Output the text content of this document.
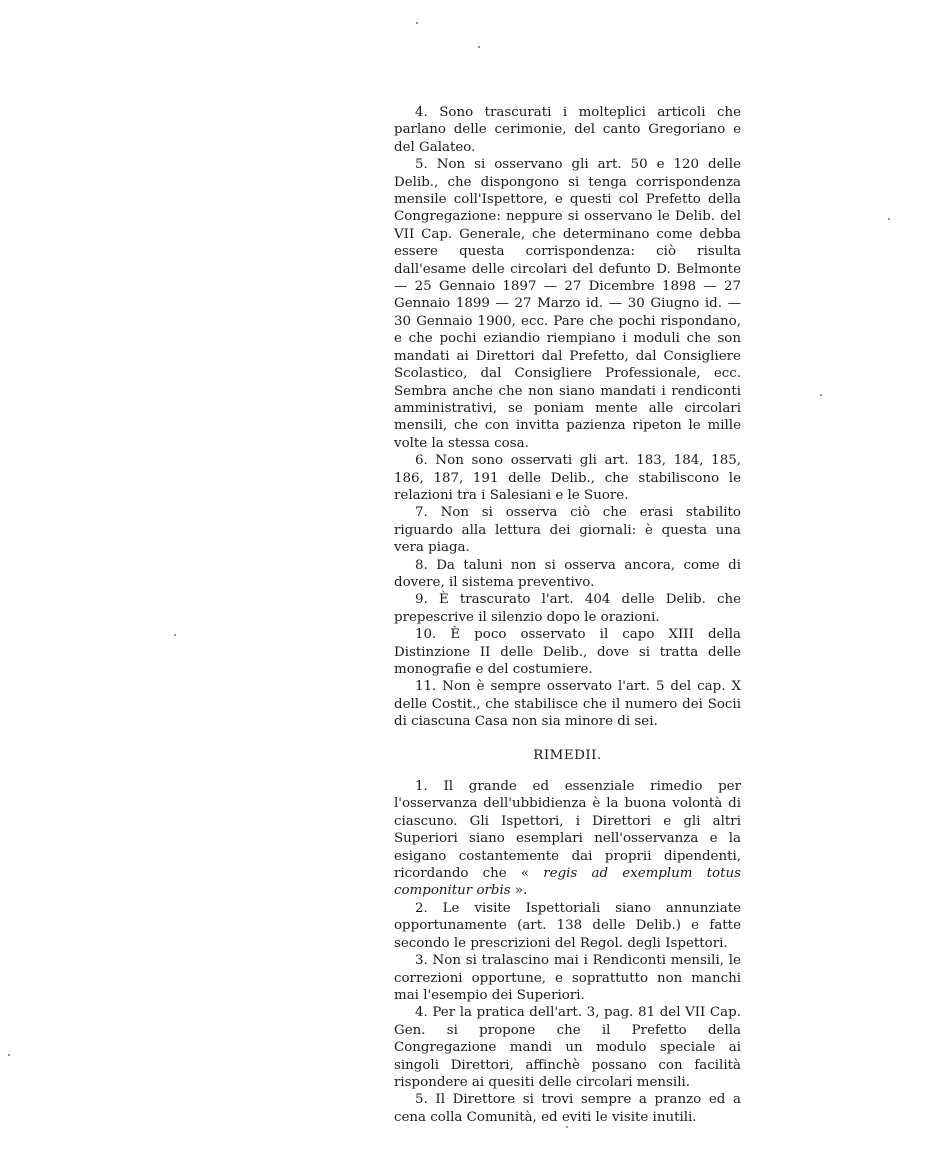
4. Sono trascurati i molteplici articoli che parlano delle cerimonie, del canto Gregoriano e del Galateo.

5. Non si osservano gli art. 50 e 120 delle Delib., che dispongono si tenga corrispondenza mensile coll'Ispettore, e questi col Prefetto della Congregazione: neppure si osservano le Delib. del VII Cap. Generale, che determinano come debba essere questa corrispondenza: ciò risulta dall'esame delle circolari del defunto D. Belmonte — 25 Gennaio 1897 — 27 Dicembre 1898 — 27 Gennaio 1899 — 27 Marzo id. — 30 Giugno id. — 30 Gennaio 1900, ecc. Pare che pochi rispondano, e che pochi eziandio riempiano i moduli che son mandati ai Direttori dal Prefetto, dal Consigliere Scolastico, dal Consigliere Professionale, ecc. Sembra anche che non siano mandati i rendiconti amministrativi, se poniam mente alle circolari mensili, che con invitta pazienza ripeton le mille volte la stessa cosa.

6. Non sono osservati gli art. 183, 184, 185, 186, 187, 191 delle Delib., che stabiliscono le relazioni tra i Salesiani e le Suore.

7. Non si osserva ciò che erasi stabilito riguardo alla lettura dei giornali: è questa una vera piaga.

8. Da taluni non si osserva ancora, come di dovere, il sistema preventivo.

9. È trascurato l'art. 404 delle Delib. che prepescrive il silenzio dopo le orazioni.

10. È poco osservato il capo XIII della Distinzione II delle Delib., dove si tratta delle monografie e del costumiere.

11. Non è sempre osservato l'art. 5 del cap. X delle Costit., che stabilisce che il numero dei Socii di ciascuna Casa non sia minore di sei.

RIMEDII.

1. Il grande ed essenziale rimedio per l'osservanza dell'ubbidienza è la buona volontà di ciascuno. Gli Ispettori, i Direttori e gli altri Superiori siano esemplari nell'osservanza e la esigano costantemente dai proprii dipendenti, ricordando che « regis ad exemplum totus componitur orbis ».

2. Le visite Ispettoriali siano annunziate opportunamente (art. 138 delle Delib.) e fatte secondo le prescrizioni del Regol. degli Ispettori.

3. Non si tralascino mai i Rendiconti mensili, le correzioni opportune, e soprattutto non manchi mai l'esempio dei Superiori.

4. Per la pratica dell'art. 3, pag. 81 del VII Cap. Gen. si propone che il Prefetto della Congregazione mandi un modulo speciale ai singoli Direttori, affinchè possano con facilità rispondere ai quesiti delle circolari mensili.

5. Il Direttore si trovi sempre a pranzo ed a cena colla Comunità, ed eviti le visite inutili.
